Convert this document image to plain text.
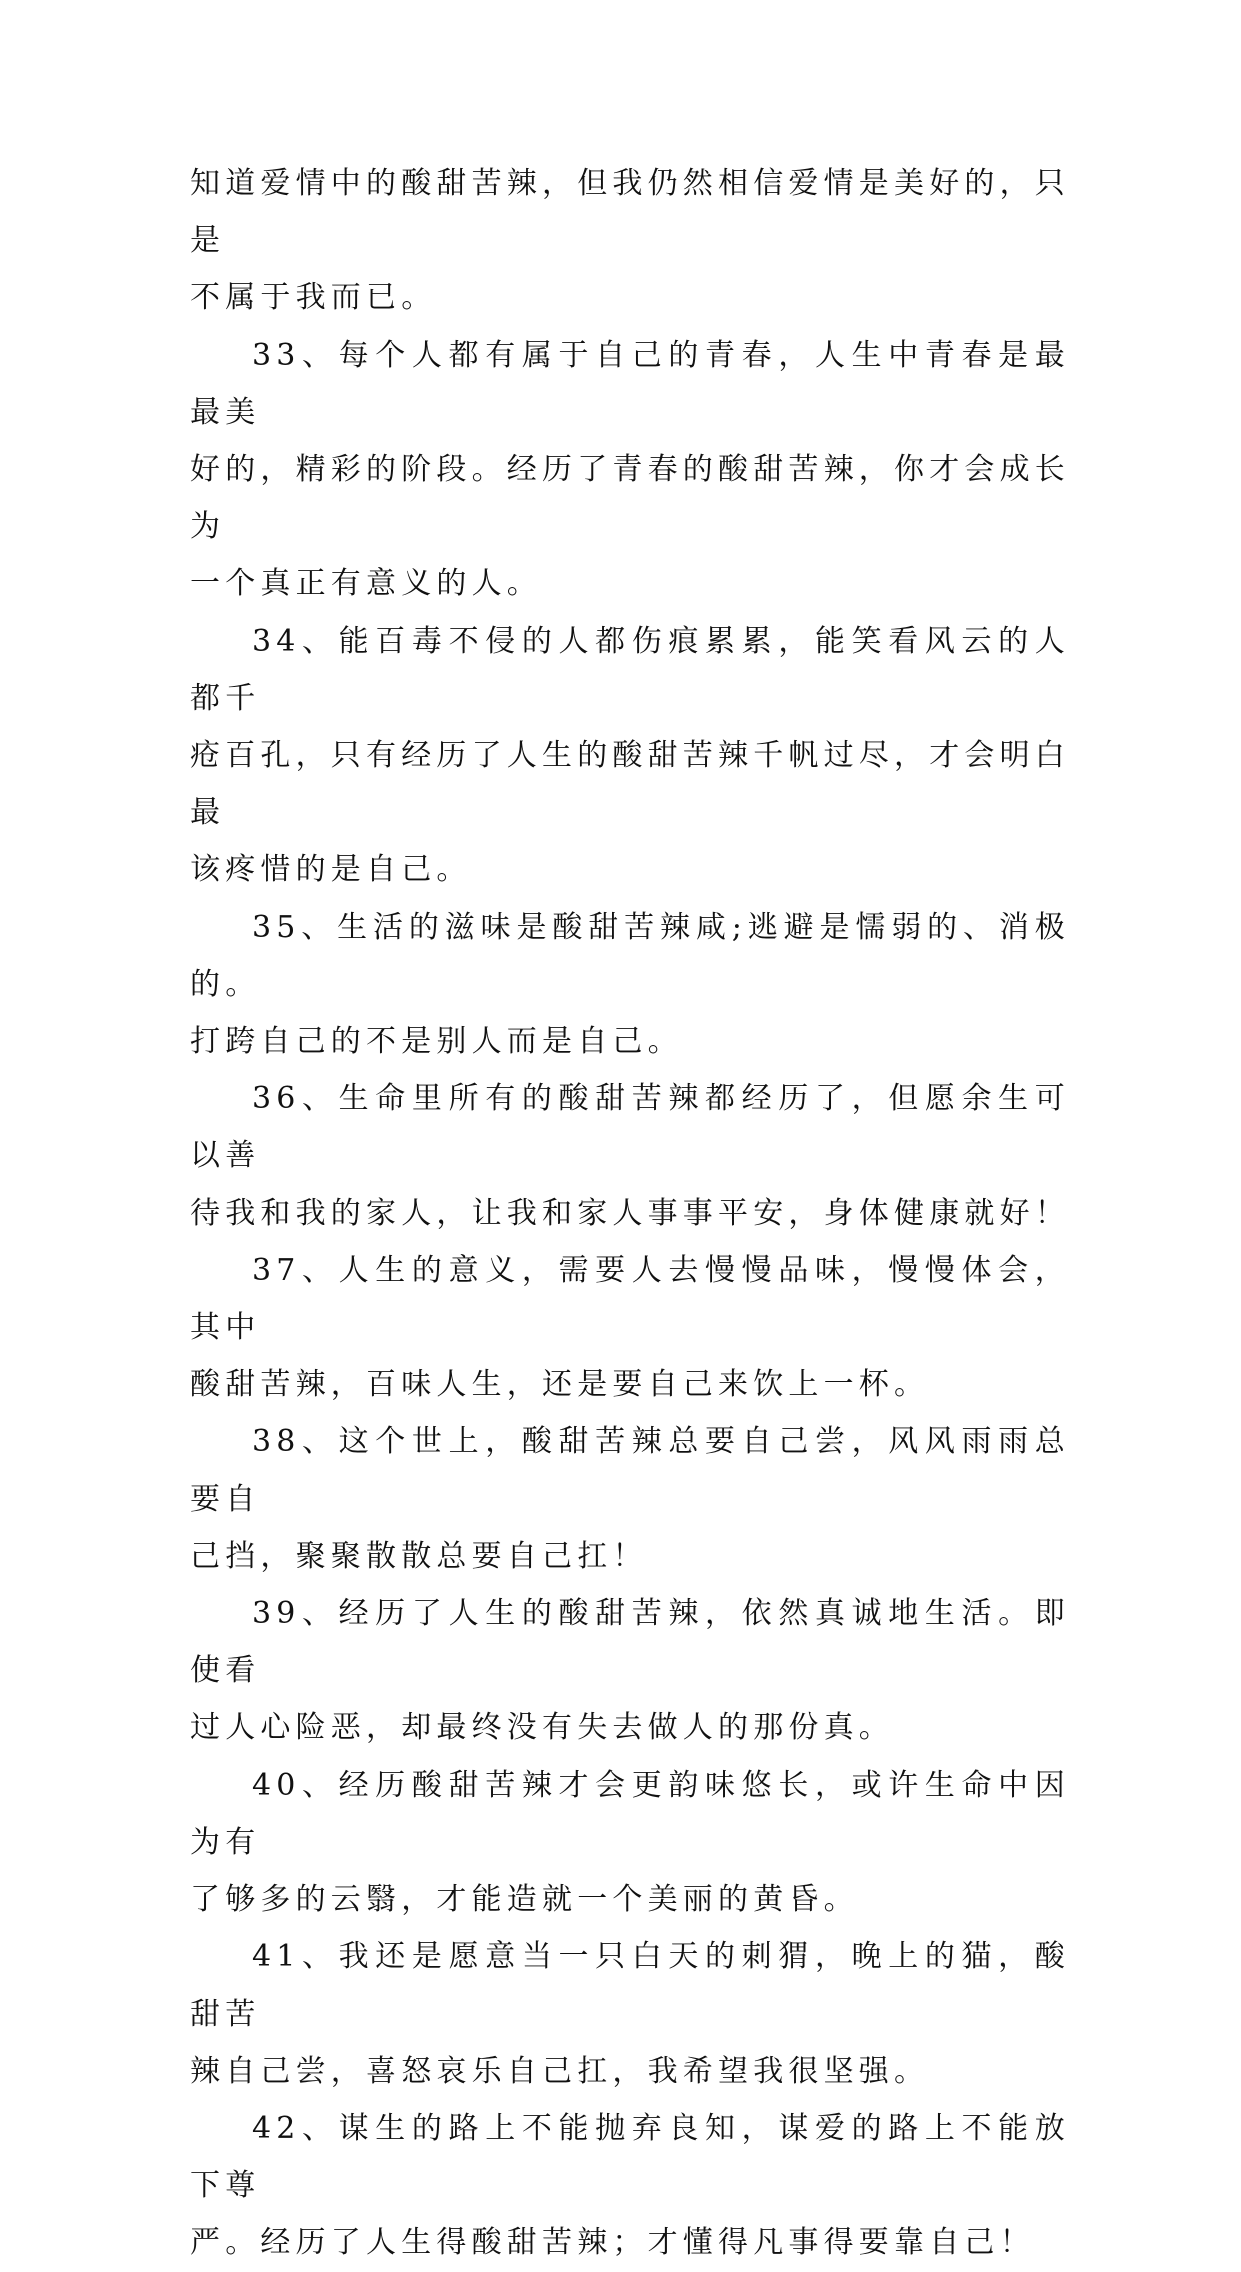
知道爱情中的酸甜苦辣，但我仍然相信爱情是美好的，只是
不属于我而已。

33、每个人都有属于自己的青春，人生中青春是最最美
好的，精彩的阶段。经历了青春的酸甜苦辣，你才会成长为
一个真正有意义的人。

34、能百毒不侵的人都伤痕累累，能笑看风云的人都千
疮百孔，只有经历了人生的酸甜苦辣千帆过尽，才会明白最
该疼惜的是自己。

35、生活的滋味是酸甜苦辣咸;逃避是懦弱的、消极的。
打跨自己的不是别人而是自己。

36、生命里所有的酸甜苦辣都经历了，但愿余生可以善
待我和我的家人，让我和家人事事平安，身体健康就好！

37、人生的意义，需要人去慢慢品味，慢慢体会，其中
酸甜苦辣，百味人生，还是要自己来饮上一杯。

38、这个世上，酸甜苦辣总要自己尝，风风雨雨总要自
己挡，聚聚散散总要自己扛！

39、经历了人生的酸甜苦辣，依然真诚地生活。即使看
过人心险恶，却最终没有失去做人的那份真。

40、经历酸甜苦辣才会更韵味悠长，或许生命中因为有
了够多的云翳，才能造就一个美丽的黄昏。

41、我还是愿意当一只白天的刺猬，晚上的猫，酸甜苦
辣自己尝，喜怒哀乐自己扛，我希望我很坚强。

42、谋生的路上不能抛弃良知，谋爱的路上不能放下尊
严。经历了人生得酸甜苦辣；才懂得凡事得要靠自己！
